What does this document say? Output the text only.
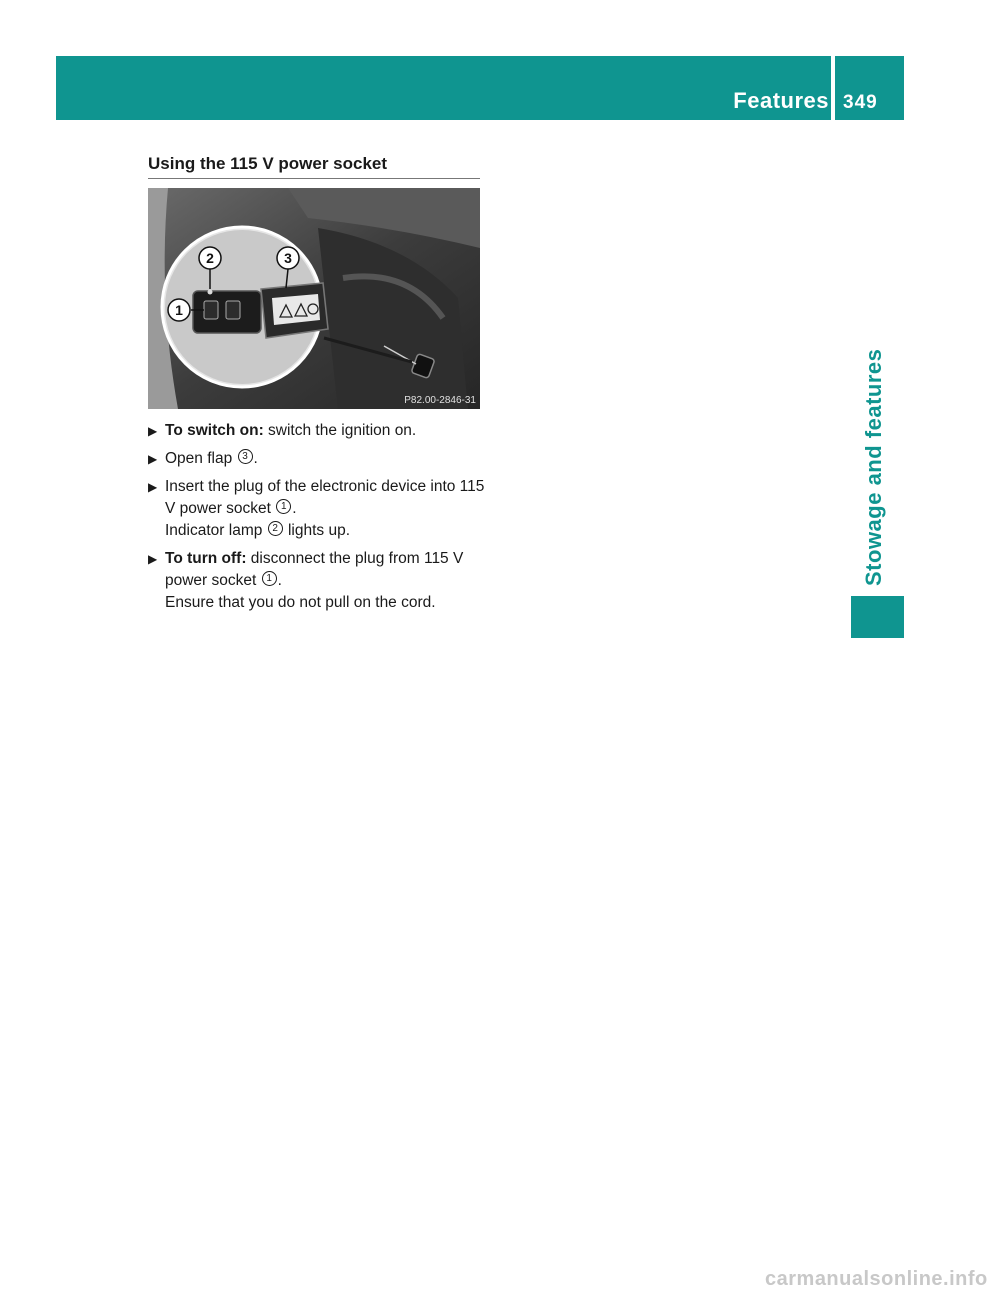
Features 349
Stowage and features
Using the 115 V power socket
1
2	3
P82.00-2846-31
▶ To switch on: switch the ignition on.

▶ Open flap 3 .

▶ Insert the plug of the electronic device into 115 V power socket 1 .

Indicator lamp 2 lights up.

▶ To turn off: disconnect the plug from 115 V power socket 1 .

Ensure that you do not pull on the cord.

carmanualsonline.info
